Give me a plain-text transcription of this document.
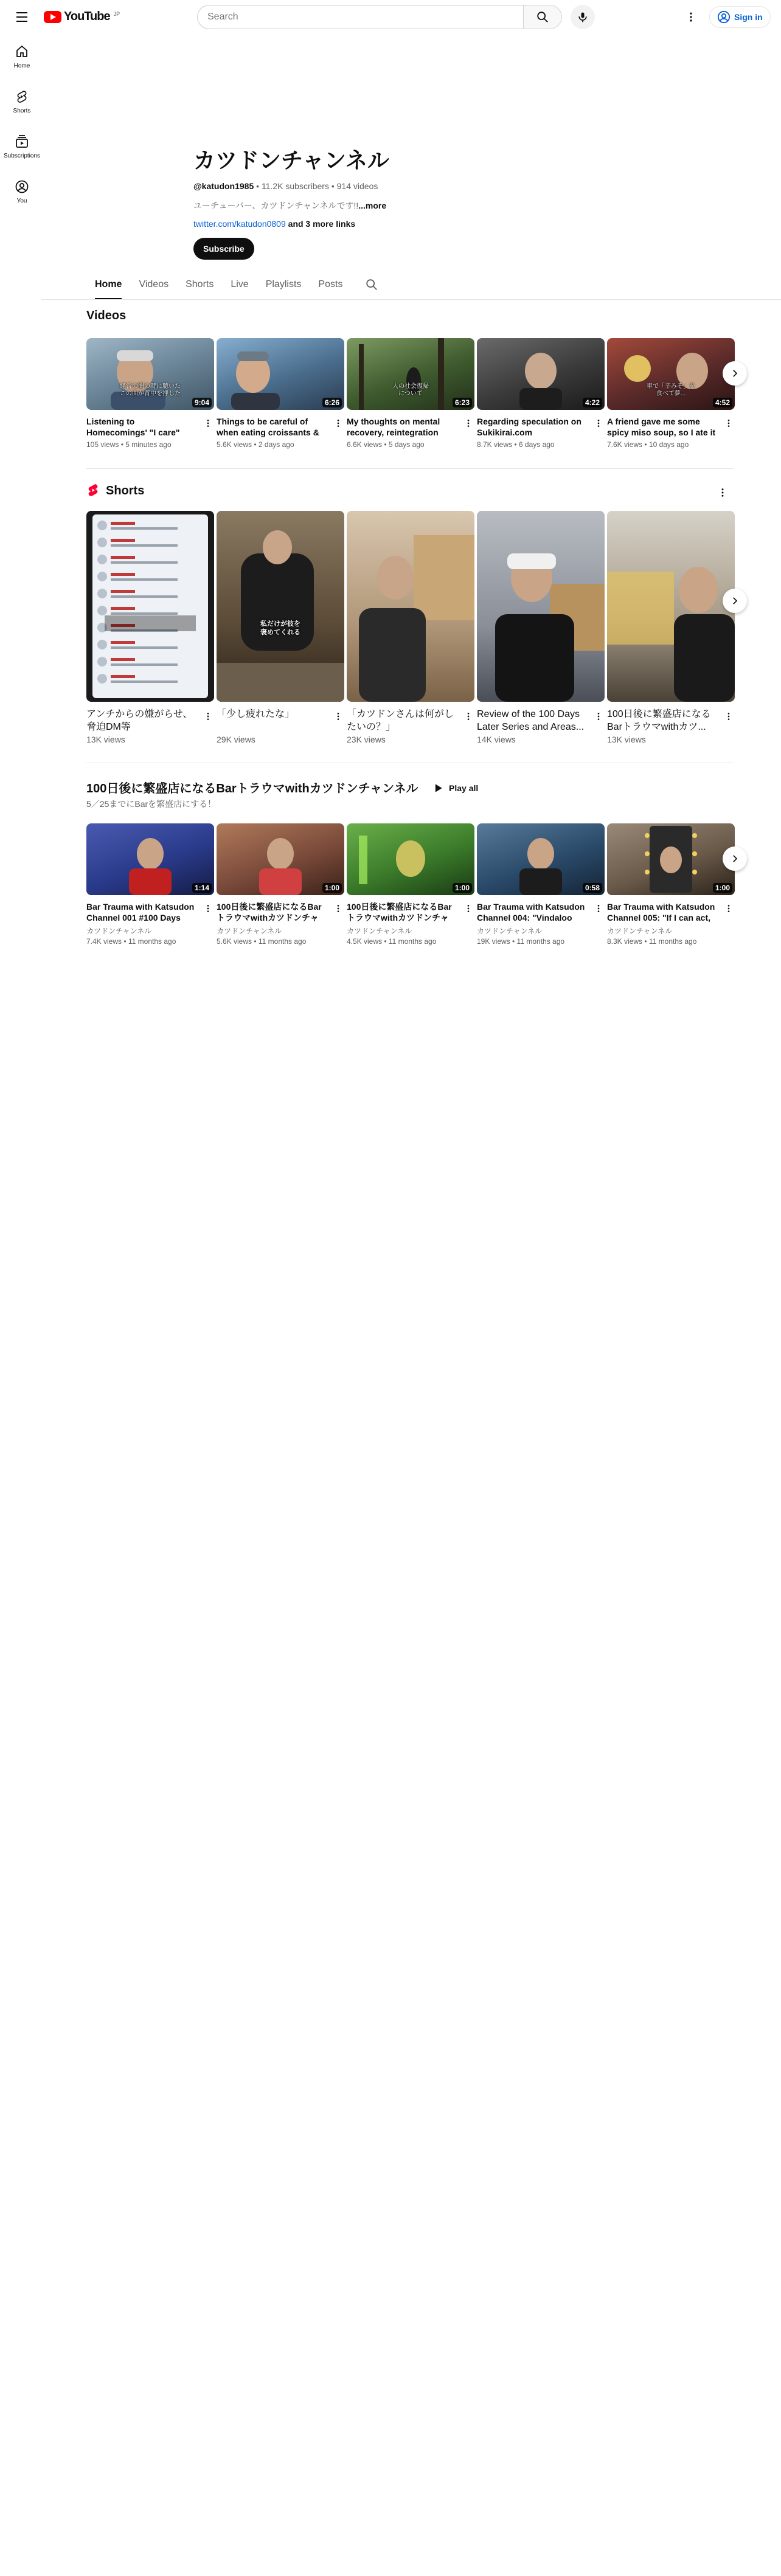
YouTube JP
Search	Sign in
Home
Shorts
Subscriptions
You
カツドンチャンネル
@katudon1985 • 11.2K subscribers • 914 videos
ユーチューバー、カツドンチャンネルです!!...more
twitter.com/katudon0809 and 3 more links
Subscribe
Home	Videos	Shorts	Live	Playlists	Posts
Videos
経営の闇の時に聴いた
この曲が背中を押した
9:04
Listening to Homecomings' "I care"
105 views • 5 minutes ago
6:26
Things to be careful of when eating croissants &
5.6K views • 2 days ago
人の社会復帰
について
6:23
My thoughts on mental recovery, reintegration
6.6K views • 5 days ago
4:22
Regarding speculation on Sukikirai.com
8.7K views • 6 days ago
車で「辛みそ」を
食べて夢...
4:52
A friend gave me some spicy miso soup, so I ate it
7.6K views • 10 days ago
Shorts
アンチからの嫌がらせ、脅迫DM等
13K views
私だけが彼を
褒めてくれる
「少し疲れたな」
29K views
「カツドンさんは何がしたいの？」
23K views
Review of the 100 Days Later Series and Areas...
14K views
100日後に繁盛店になるBarトラウマwithカツ...
13K views
100日後に繁盛店になるBarトラウマwithカツドンチャンネル	Play all
5／25までにBarを繁盛店にする！
1:14
Bar Trauma with Katsudon Channel 001 #100 Days
カツドンチャンネル
7.4K views • 11 months ago
1:00
100日後に繁盛店になるBarトラウマwithカツドンチャ
カツドンチャンネル
5.6K views • 11 months ago
1:00
100日後に繁盛店になるBarトラウマwithカツドンチャ
カツドンチャンネル
4.5K views • 11 months ago
0:58
Bar Trauma with Katsudon Channel 004: "Vindaloo
カツドンチャンネル
19K views • 11 months ago
1:00
Bar Trauma with Katsudon Channel 005: "If I can act,
カツドンチャンネル
8.3K views • 11 months ago
